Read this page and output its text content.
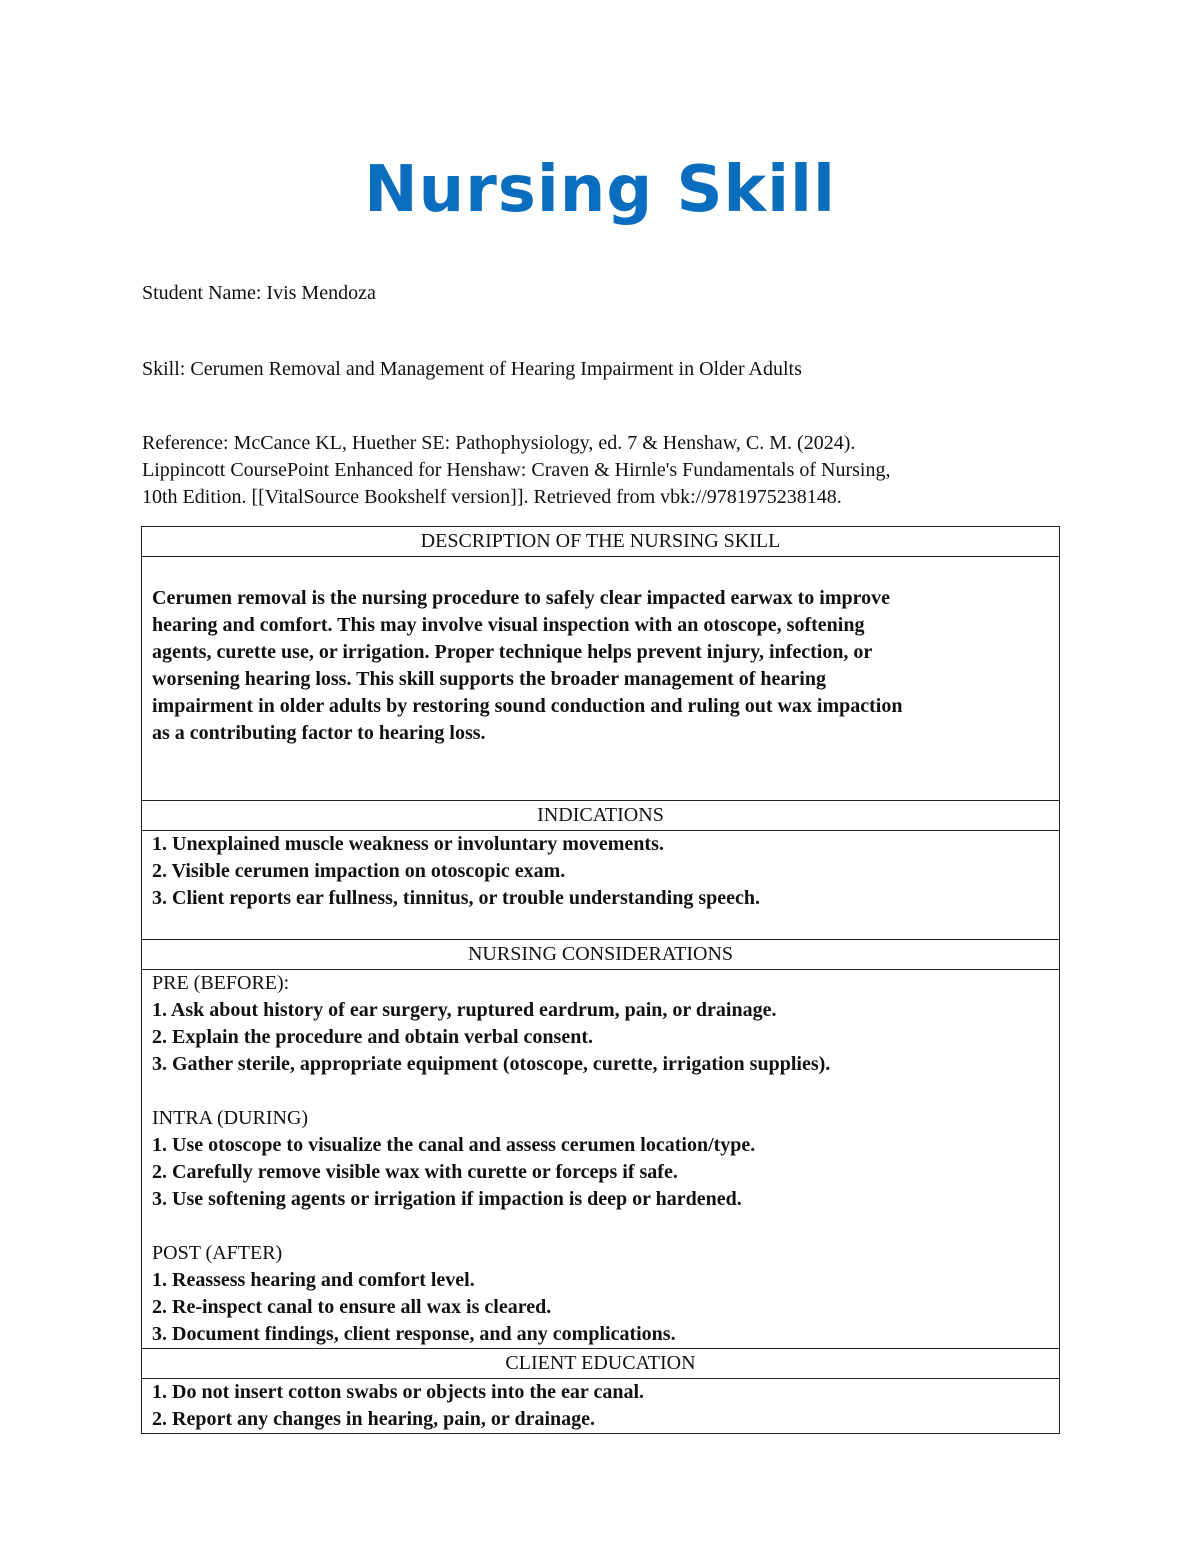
Nursing Skill
Student Name: Ivis Mendoza
Skill: Cerumen Removal and Management of Hearing Impairment in Older Adults
Reference: McCance KL, Huether SE: Pathophysiology, ed. 7 & Henshaw, C. M. (2024).
Lippincott CoursePoint Enhanced for Henshaw: Craven & Hirnle's Fundamentals of Nursing,
10th Edition. [[VitalSource Bookshelf version]]. Retrieved from vbk://9781975238148.
DESCRIPTION OF THE NURSING SKILL

Cerumen removal is the nursing procedure to safely clear impacted earwax to improve
hearing and comfort. This may involve visual inspection with an otoscope, softening
agents, curette use, or irrigation. Proper technique helps prevent injury, infection, or
worsening hearing loss. This skill supports the broader management of hearing
impairment in older adults by restoring sound conduction and ruling out wax impaction
as a contributing factor to hearing loss.

INDICATIONS

1. Unexplained muscle weakness or involuntary movements.
2. Visible cerumen impaction on otoscopic exam.
3. Client reports ear fullness, tinnitus, or trouble understanding speech.

NURSING CONSIDERATIONS

PRE (BEFORE):
1. Ask about history of ear surgery, ruptured eardrum, pain, or drainage.
2. Explain the procedure and obtain verbal consent.
3. Gather sterile, appropriate equipment (otoscope, curette, irrigation supplies).
INTRA (DURING)
1. Use otoscope to visualize the canal and assess cerumen location/type.
2. Carefully remove visible wax with curette or forceps if safe.
3. Use softening agents or irrigation if impaction is deep or hardened.
POST (AFTER)
1. Reassess hearing and comfort level.
2. Re-inspect canal to ensure all wax is cleared.
3. Document findings, client response, and any complications.

CLIENT EDUCATION

1. Do not insert cotton swabs or objects into the ear canal.
2. Report any changes in hearing, pain, or drainage.
